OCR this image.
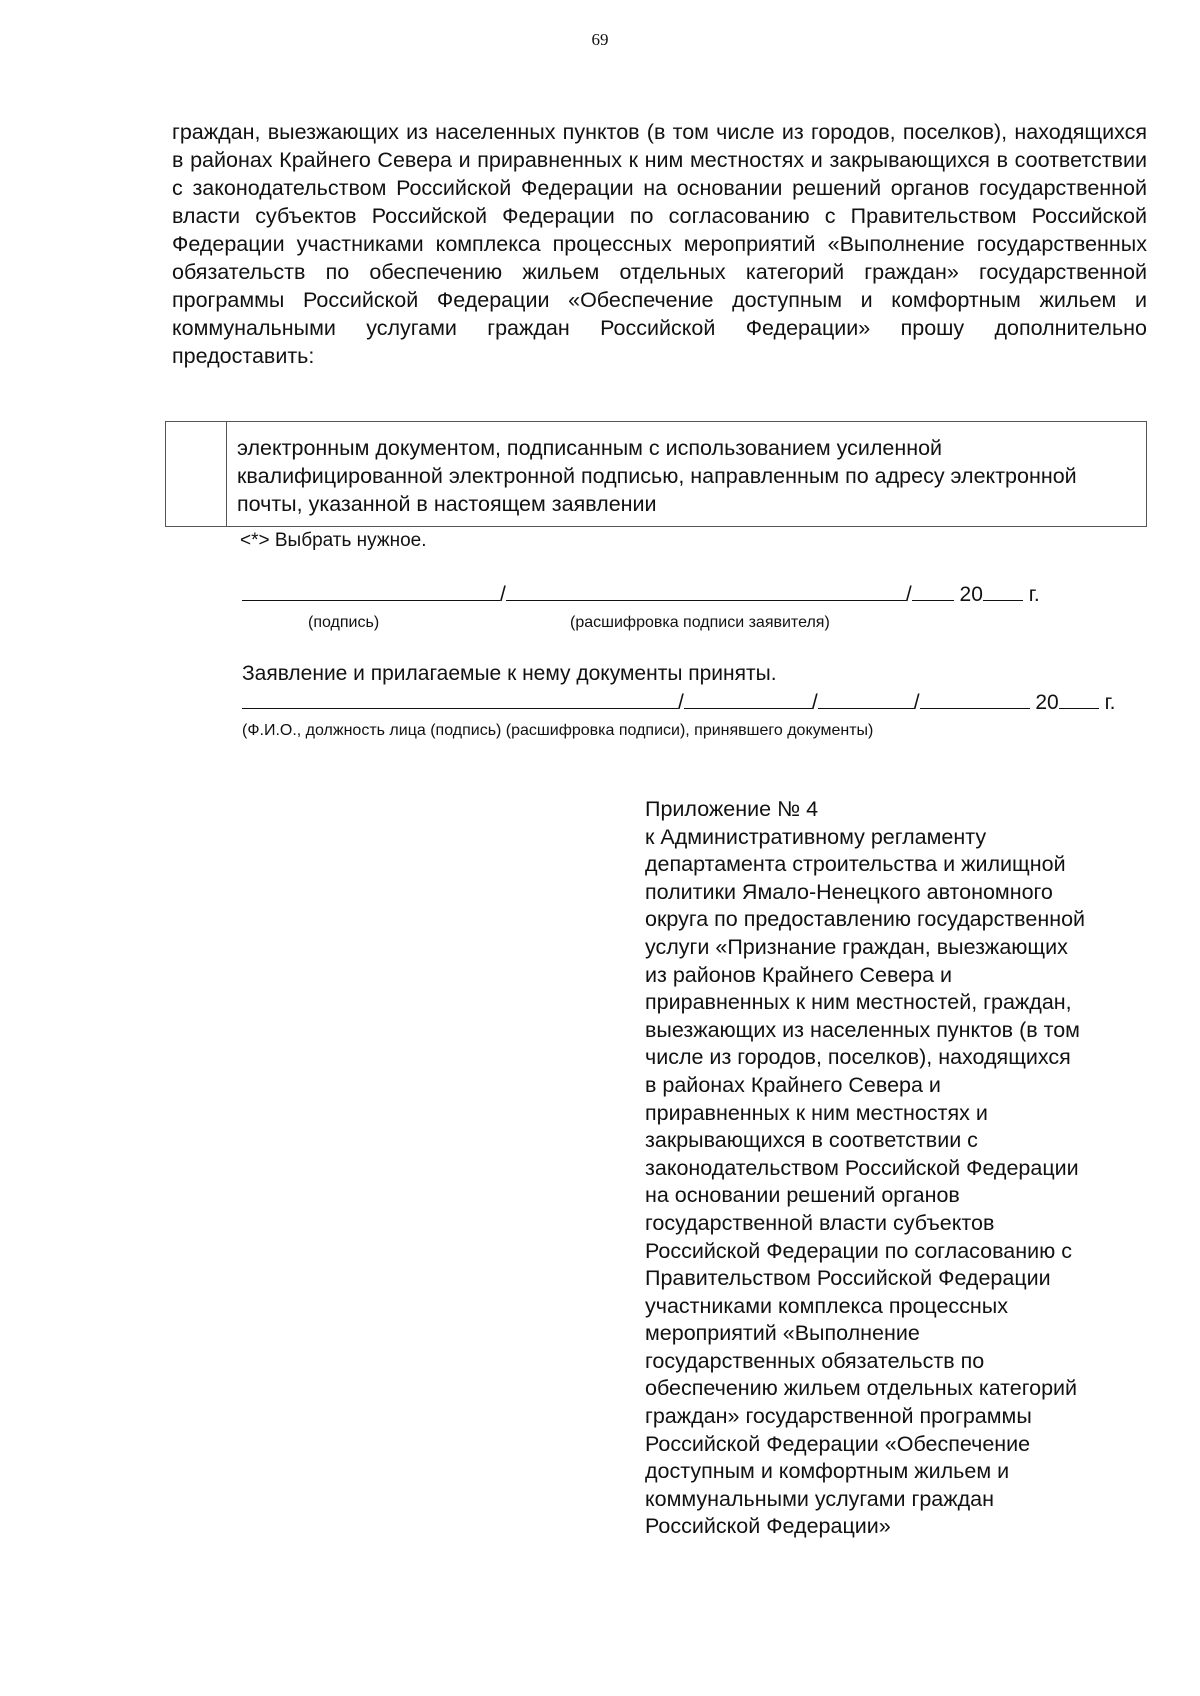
69

граждан, выезжающих из населенных пунктов (в том числе из городов, поселков), находящихся в районах Крайнего Севера и приравненных к ним местностях и закрывающихся в соответствии с законодательством Российской Федерации на основании решений органов государственной власти субъектов Российской Федерации по согласованию с Правительством Российской Федерации участниками комплекса процессных мероприятий «Выполнение государственных обязательств по обеспечению жильем отдельных категорий граждан» государственной программы Российской Федерации «Обеспечение доступным и комфортным жильем и коммунальными услугами граждан Российской Федерации» прошу дополнительно предоставить:

	электронным документом, подписанным с использованием усиленной квалифицированной электронной подписью, направленным по адресу электронной почты, указанной в настоящем заявлении
<*> Выбрать нужное.
/	/ 20 г.
(подпись)	(расшифровка подписи заявителя)
Заявление и прилагаемые к нему документы приняты.
/	/	/	20 г.
(Ф.И.О., должность лица (подпись) (расшифровка подписи), принявшего документы)
Приложение № 4
к Административному регламенту
департамента строительства и жилищной
политики Ямало-Ненецкого автономного
округа по предоставлению государственной
услуги «Признание граждан, выезжающих
из районов Крайнего Севера и
приравненных к ним местностей, граждан,
выезжающих из населенных пунктов (в том
числе из городов, поселков), находящихся
в районах Крайнего Севера и
приравненных к ним местностях и
закрывающихся в соответствии с
законодательством Российской Федерации
на основании решений органов
государственной власти субъектов
Российской Федерации по согласованию с
Правительством Российской Федерации
участниками комплекса процессных
мероприятий «Выполнение
государственных обязательств по
обеспечению жильем отдельных категорий
граждан» государственной программы
Российской Федерации «Обеспечение
доступным и комфортным жильем и
коммунальными услугами граждан
Российской Федерации»
